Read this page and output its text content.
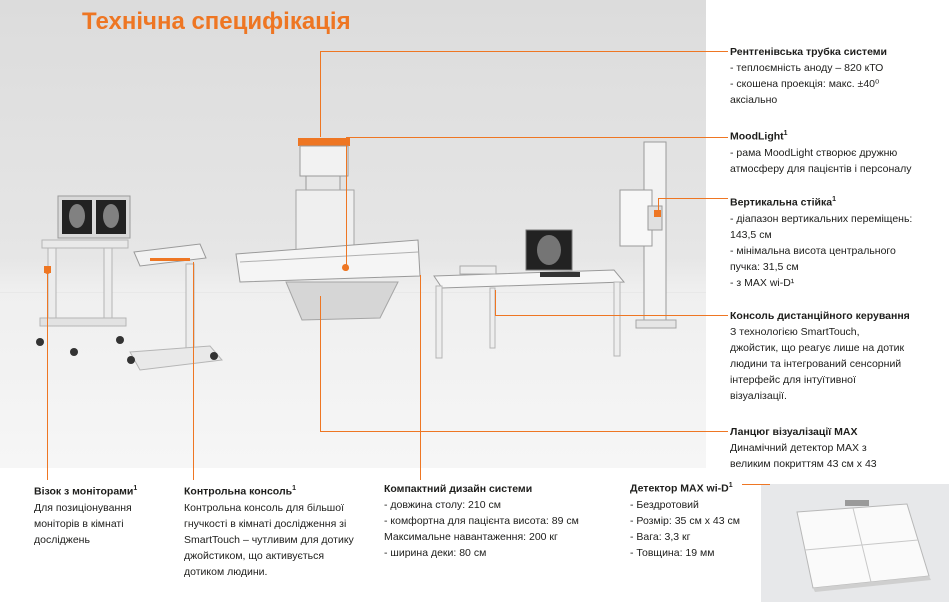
Технічна специфікація
Рентгенівська трубка системи
- теплоємність аноду – 820 кТО
- скошена проекція: макс. ±40⁰
аксіально
MoodLight$^1$
- рама MoodLight створює дружню
атмосферу для пацієнтів і персоналу
Вертикальна стійка$^1$
- діапазон вертикальних переміщень:
143,5 см
- мінімальна висота центрального
пучка: 31,5 см
- з MAX wi-D¹
Консоль дистанційного керування
З технологією SmartTouch,
джойстик, що реагує лише на дотик
людини та інтегрований сенсорний
інтерфейс для інтуїтивної
візуалізації.
Ланцюг візуалізації MAX
Динамічний детектор MAX з
великим покриттям 43 см x 43
Візок з моніторами$^1$
Для позиціонування
моніторів в кімнаті
досліджень
Контрольна консоль$^1$
Контрольна консоль для більшої
гнучкості в кімнаті дослідження зі
SmartTouch – чутливим для дотику
джойстиком, що активується
дотиком людини.
Компактний дизайн системи
- довжина столу: 210 см
- комфортна для пацієнта висота: 89 см
Максимальне навантаження: 200 кг
- ширина деки: 80 см
Детектор MAX $wi-D^1$
- Бездротовий
- Розмір: 35 см x 43 см
- Вага: 3,3 кг
- Товщина: 19 мм
